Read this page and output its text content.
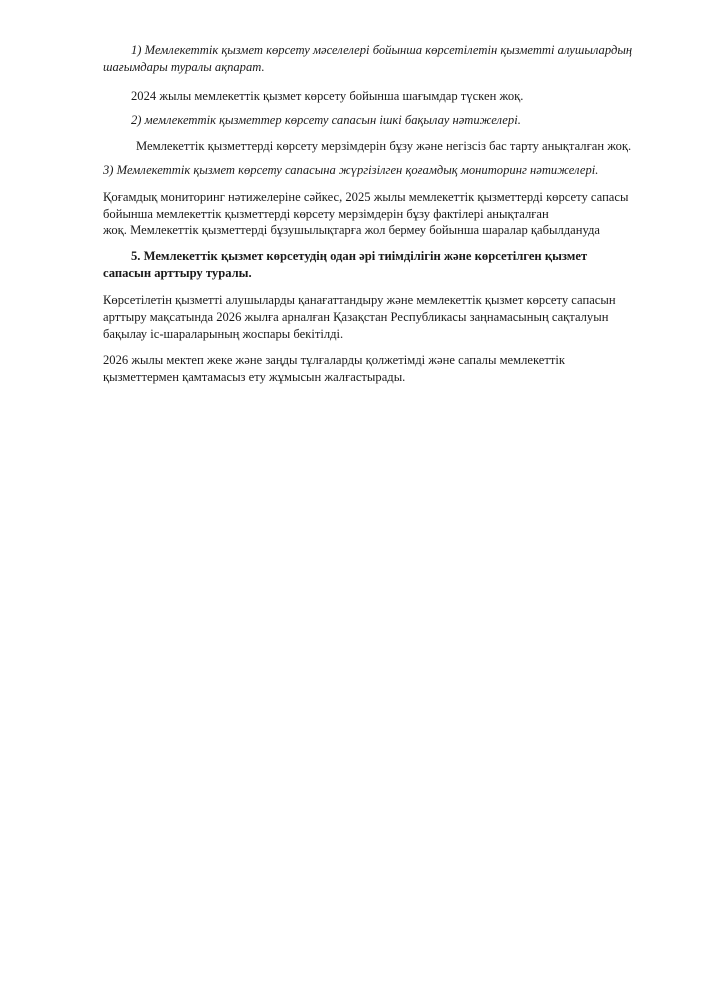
1) Мемлекеттік қызмет көрсету мәселелері бойынша көрсетілетін қызметті алушылардың
шағымдары туралы ақпарат.
2024 жылы мемлекеттік қызмет көрсету бойынша шағымдар түскен жоқ.
2) мемлекеттік қызметтер көрсету сапасын ішкі бақылау нәтижелері.
Мемлекеттік қызметтерді көрсету мерзімдерін бұзу және негізсіз бас тарту анықталған жоқ.
3) Мемлекеттік қызмет көрсету сапасына жүргізілген қоғамдық мониторинг нәтижелері.
Қоғамдық мониторинг нәтижелеріне сәйкес, 2025 жылы мемлекеттік қызметтерді көрсету сапасы
бойынша мемлекеттік қызметтерді көрсету мерзімдерін бұзу фактілері анықталған
жоқ. Мемлекеттік қызметтерді бұзушылықтарға жол бермеу бойынша шаралар қабылдануда
5. Мемлекеттік қызмет көрсетудің одан әрі тиімділігін және көрсетілген қызмет
сапасын арттыру туралы.
Көрсетілетін қызметті алушыларды қанағаттандыру және мемлекеттік қызмет көрсету сапасын
арттыру мақсатында 2026 жылға арналған Қазақстан Республикасы заңнамасының сақталуын
бақылау іс-шараларының жоспары бекітілді.
2026 жылы мектеп жеке және заңды тұлғаларды қолжетімді және сапалы мемлекеттік
қызметтермен қамтамасыз ету жұмысын жалғастырады.
